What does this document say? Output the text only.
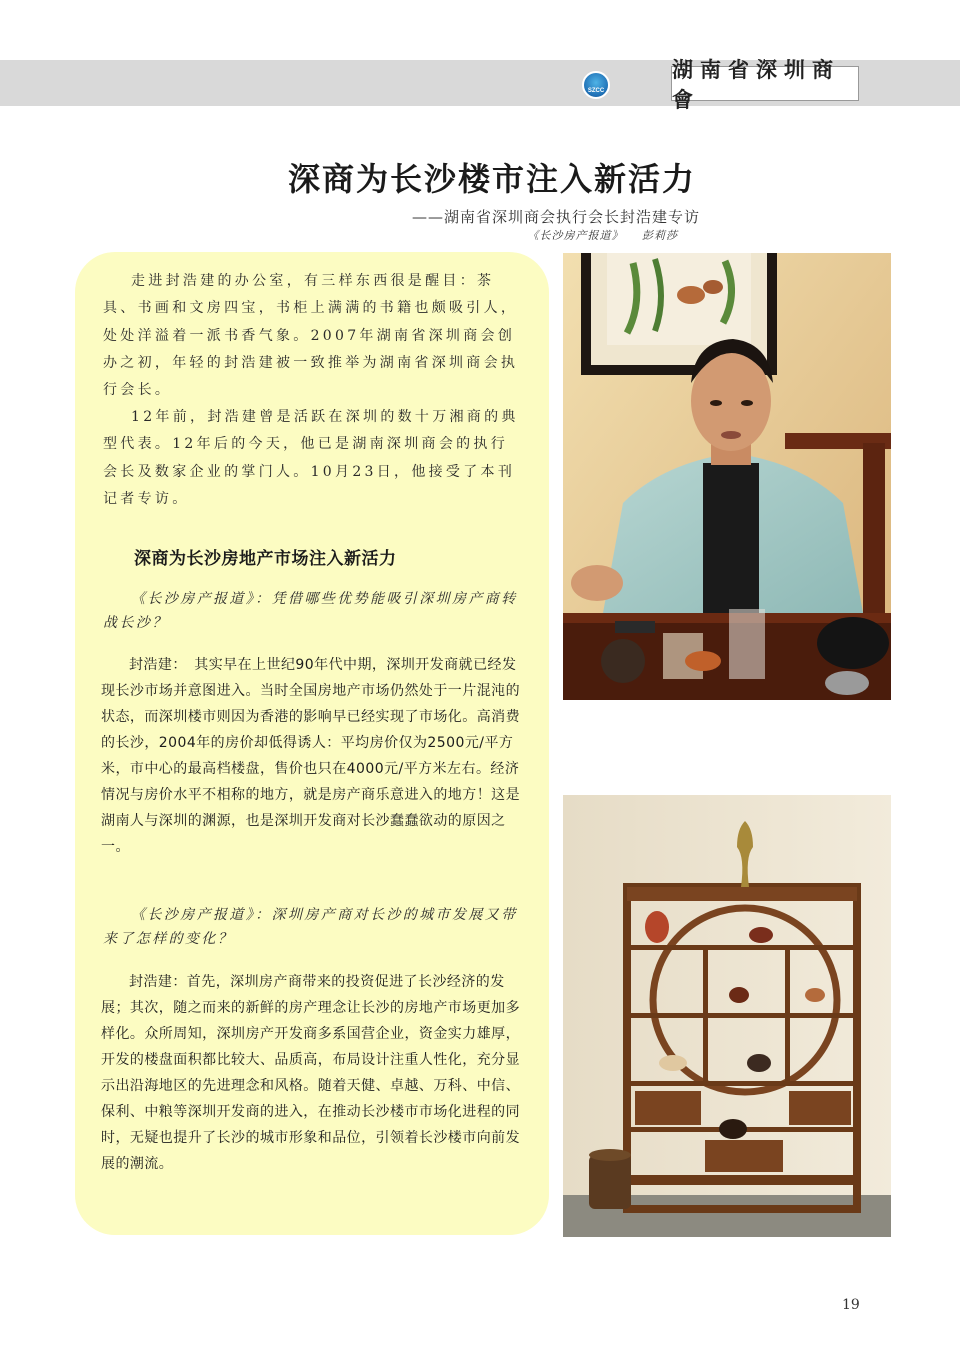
SZCC
湖南省深圳商會
深商为长沙楼市注入新活力
——湖南省深圳商会执行会长封浩建专访
《长沙房产报道》 彭莉莎

走进封浩建的办公室，有三样东西很是醒目：茶具、书画和文房四宝，书柜上满满的书籍也颇吸引人，处处洋溢着一派书香气象。2007年湖南省深圳商会创办之初，年轻的封浩建被一致推举为湖南省深圳商会执行会长。

12年前，封浩建曾是活跃在深圳的数十万湘商的典型代表。12年后的今天，他已是湖南深圳商会的执行会长及数家企业的掌门人。10月23日，他接受了本刊记者专访。

深商为长沙房地产市场注入新活力

《长沙房产报道》：凭借哪些优势能吸引深圳房产商转战长沙？

封浩建：　其实早在上世纪90年代中期，深圳开发商就已经发现长沙市场并意图进入。当时全国房地产市场仍然处于一片混沌的状态，而深圳楼市则因为香港的影响早已经实现了市场化。高消费的长沙，2004年的房价却低得诱人：平均房价仅为2500元/平方米，市中心的最高档楼盘，售价也只在4000元/平方米左右。经济情况与房价水平不相称的地方，就是房产商乐意进入的地方！这是湖南人与深圳的渊源，也是深圳开发商对长沙蠢蠢欲动的原因之一。

《长沙房产报道》：深圳房产商对长沙的城市发展又带来了怎样的变化？

封浩建：首先，深圳房产商带来的投资促进了长沙经济的发展；其次，随之而来的新鲜的房产理念让长沙的房地产市场更加多样化。众所周知，深圳房产开发商多系国营企业，资金实力雄厚，开发的楼盘面积都比较大、品质高，布局设计注重人性化，充分显示出沿海地区的先进理念和风格。随着天健、卓越、万科、中信、保利、中粮等深圳开发商的进入，在推动长沙楼市市场化进程的同时，无疑也提升了长沙的城市形象和品位，引领着长沙楼市向前发展的潮流。

19
